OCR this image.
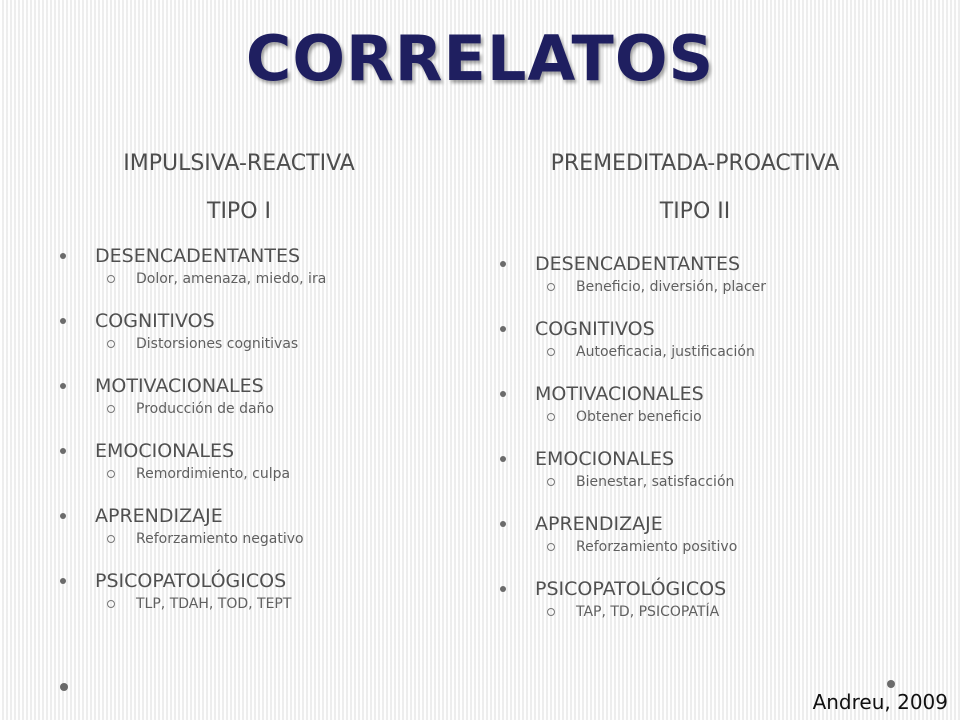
CORRELATOS
IMPULSIVA-REACTIVA
TIPO I
DESENCADENTANTES
Dolor, amenaza, miedo, ira
COGNITIVOS
Distorsiones cognitivas
MOTIVACIONALES
Producción de daño
EMOCIONALES
Remordimiento, culpa
APRENDIZAJE
Reforzamiento negativo
PSICOPATOLÓGICOS
TLP, TDAH, TOD, TEPT
PREMEDITADA-PROACTIVA
TIPO II
DESENCADENTANTES
Beneficio, diversión, placer
COGNITIVOS
Autoeficacia, justificación
MOTIVACIONALES
Obtener beneficio
EMOCIONALES
Bienestar, satisfacción
APRENDIZAJE
Reforzamiento positivo
PSICOPATOLÓGICOS
TAP, TD, PSICOPATÍA
Andreu, 2009
